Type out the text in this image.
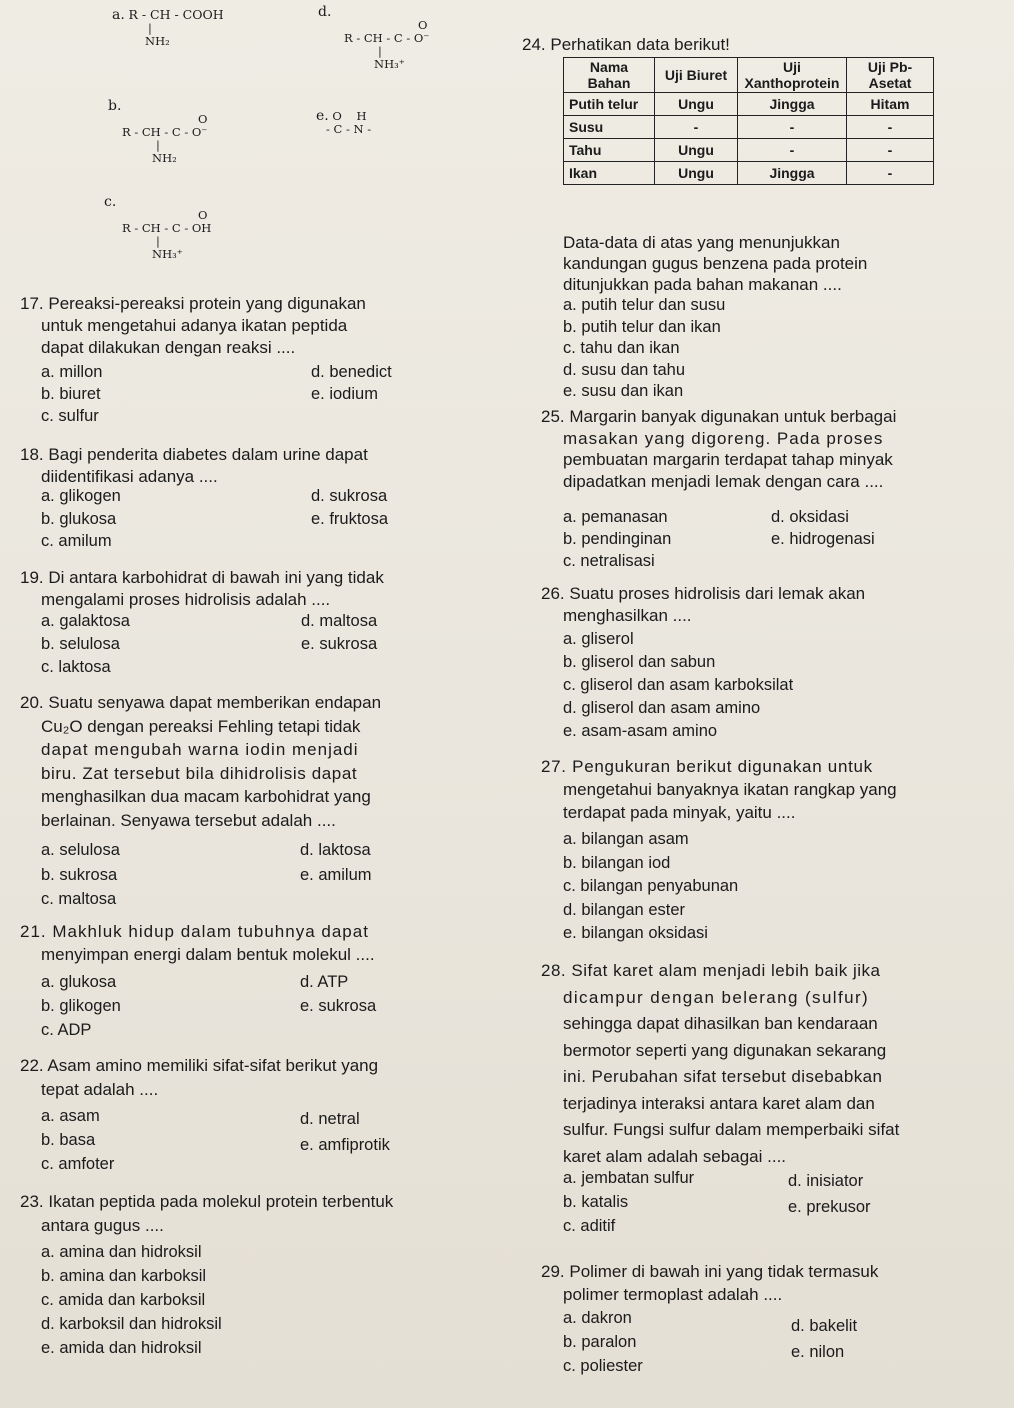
a. R - CH - COOH
|
NH₂
b.
O
R - CH - C - O⁻
|
NH₂
c.
O
R - CH - C - OH
|
NH₃⁺
d.
O
R - CH - C - O⁻
|
NH₃⁺
e. O    H
- C - N -
24. Perhatikan data berikut!
Nama Bahan	Uji Biuret	Uji Xanthoprotein	Uji Pb-Asetat
Putih telur	Ungu	Jingga	Hitam
Susu	-	-	-
Tahu	Ungu	-	-
Ikan	Ungu	Jingga	-
Data-data di atas yang menunjukkan
kandungan gugus benzena pada protein
ditunjukkan pada bahan makanan ....
a. putih telur dan susu
b. putih telur dan ikan
c. tahu dan ikan
d. susu dan tahu
e. susu dan ikan
17. Pereaksi-pereaksi protein yang digunakan
untuk mengetahui adanya ikatan peptida
dapat dilakukan dengan reaksi ....
a. millon
b. biuret
c. sulfur
d. benedict
e. iodium
18. Bagi penderita diabetes dalam urine dapat
diidentifikasi adanya ....
a. glikogen
b. glukosa
c. amilum
d. sukrosa
e. fruktosa
19. Di antara karbohidrat di bawah ini yang tidak
mengalami proses hidrolisis adalah ....
a. galaktosa
b. selulosa
c. laktosa
d. maltosa
e. sukrosa
20. Suatu senyawa dapat memberikan endapan
Cu₂O dengan pereaksi Fehling tetapi tidak
dapat mengubah warna iodin menjadi
biru. Zat tersebut bila dihidrolisis dapat
menghasilkan dua macam karbohidrat yang
berlainan. Senyawa tersebut adalah ....
a. selulosa
b. sukrosa
c. maltosa
d. laktosa
e. amilum
21. Makhluk hidup dalam tubuhnya dapat
menyimpan energi dalam bentuk molekul ....
a. glukosa
b. glikogen
c. ADP
d. ATP
e. sukrosa
22. Asam amino memiliki sifat-sifat berikut yang
tepat adalah ....
a. asam
b. basa
c. amfoter
d. netral
e. amfiprotik
23. Ikatan peptida pada molekul protein terbentuk
antara gugus ....
a. amina dan hidroksil
b. amina dan karboksil
c. amida dan karboksil
d. karboksil dan hidroksil
e. amida dan hidroksil
25. Margarin banyak digunakan untuk berbagai
masakan yang digoreng. Pada proses
pembuatan margarin terdapat tahap minyak
dipadatkan menjadi lemak dengan cara ....
a. pemanasan
b. pendinginan
c. netralisasi
d. oksidasi
e. hidrogenasi
26. Suatu proses hidrolisis dari lemak akan
menghasilkan ....
a. gliserol
b. gliserol dan sabun
c. gliserol dan asam karboksilat
d. gliserol dan asam amino
e. asam-asam amino
27. Pengukuran berikut digunakan untuk
mengetahui banyaknya ikatan rangkap yang
terdapat pada minyak, yaitu ....
a. bilangan asam
b. bilangan iod
c. bilangan penyabunan
d. bilangan ester
e. bilangan oksidasi
28. Sifat karet alam menjadi lebih baik jika
dicampur dengan belerang (sulfur)
sehingga dapat dihasilkan ban kendaraan
bermotor seperti yang digunakan sekarang
ini. Perubahan sifat tersebut disebabkan
terjadinya interaksi antara karet alam dan
sulfur. Fungsi sulfur dalam memperbaiki sifat
karet alam adalah sebagai ....
a. jembatan sulfur
b. katalis
c. aditif
d. inisiator
e. prekusor
29. Polimer di bawah ini yang tidak termasuk
polimer termoplast adalah ....
a. dakron
b. paralon
c. poliester
d. bakelit
e. nilon
